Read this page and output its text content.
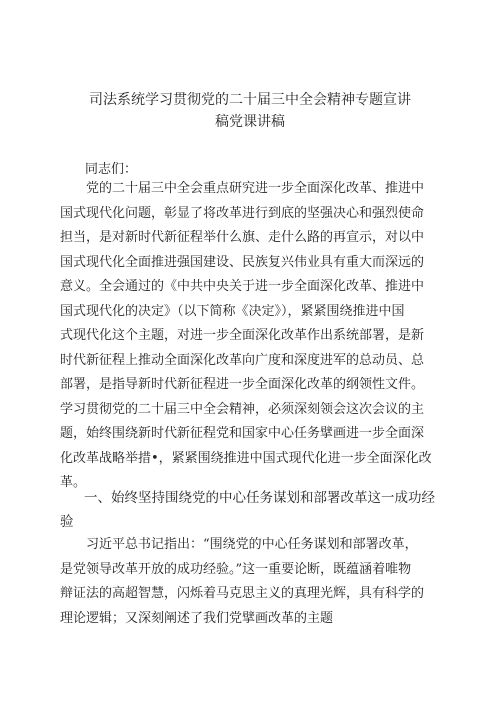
司法系统学习贯彻党的二十届三中全会精神专题宣讲
稿党课讲稿
同志们：
党的二十届三中全会重点研究进一步全面深化改革、推进中
国式现代化问题，彰显了将改革进行到底的坚强决心和强烈使命
担当，是对新时代新征程举什么旗、走什么路的再宣示，对以中
国式现代化全面推进强国建设、民族复兴伟业具有重大而深远的
意义。全会通过的《中共中央关于进一步全面深化改革、推进中
国式现代化的决定》（以下简称《决定》），紧紧围绕推进中国
式现代化这个主题，对进一步全面深化改革作出系统部署，是新
时代新征程上推动全面深化改革向广度和深度进军的总动员、总
部署，是指导新时代新征程进一步全面深化改革的纲领性文件。
学习贯彻党的二十届三中全会精神，必须深刻领会这次会议的主
题，始终围绕新时代新征程党和国家中心任务擘画进一步全面深
化改革战略举措•，紧紧围绕推进中国式现代化进一步全面深化改
革。
一、始终坚持围绕党的中心任务谋划和部署改革这一成功经
验
习近平总书记指出：“围绕党的中心任务谋划和部署改革，
是党领导改革开放的成功经验。”这一重要论断，既蕴涵着唯物
辩证法的高超智慧，闪烁着马克思主义的真理光辉，具有科学的
理论逻辑；又深刻阐述了我们党擘画改革的主题
